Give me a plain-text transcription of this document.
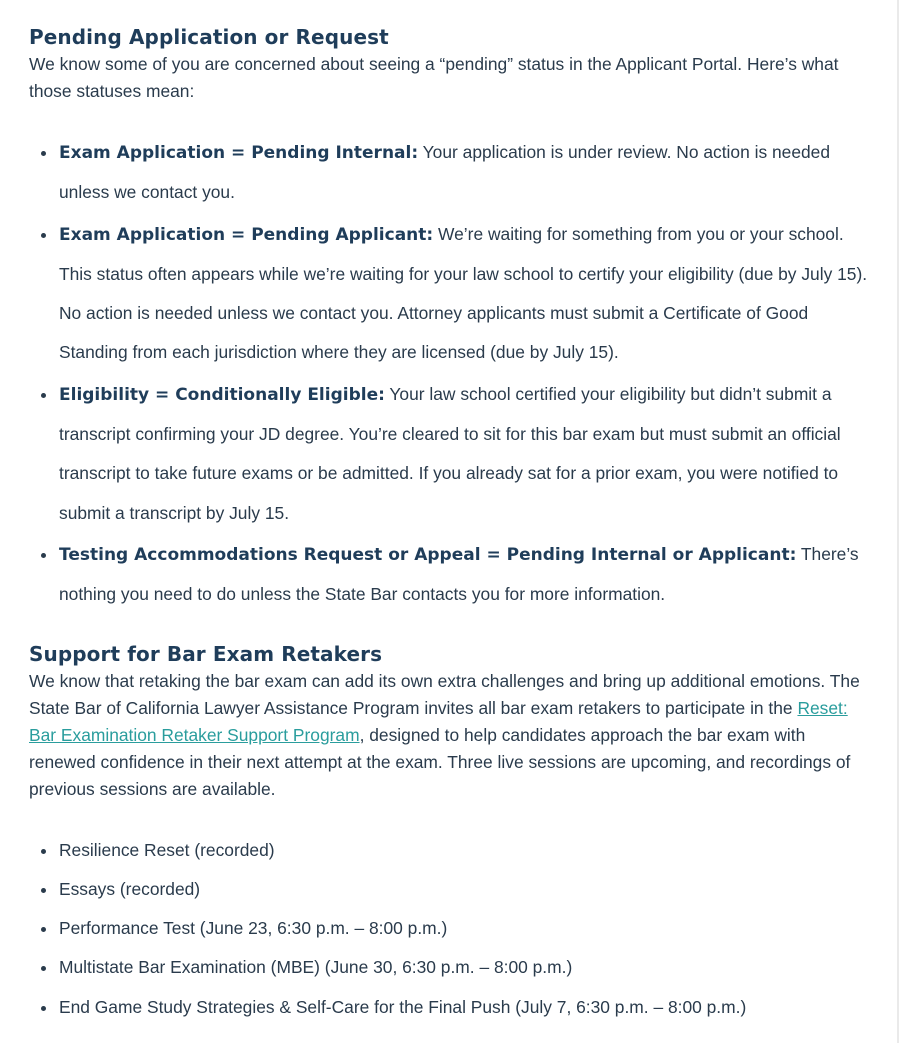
Pending Application or Request

We know some of you are concerned about seeing a “pending” status in the Applicant Portal. Here’s what those statuses mean:

Exam Application = Pending Internal: Your application is under review. No action is needed unless we contact you.
Exam Application = Pending Applicant: We’re waiting for something from you or your school. This status often appears while we’re waiting for your law school to certify your eligibility (due by July 15). No action is needed unless we contact you. Attorney applicants must submit a Certificate of Good Standing from each jurisdiction where they are licensed (due by July 15).
Eligibility = Conditionally Eligible: Your law school certified your eligibility but didn’t submit a transcript confirming your JD degree. You’re cleared to sit for this bar exam but must submit an official transcript to take future exams or be admitted. If you already sat for a prior exam, you were notified to submit a transcript by July 15.
Testing Accommodations Request or Appeal = Pending Internal or Applicant: There’s nothing you need to do unless the State Bar contacts you for more information.
Support for Bar Exam Retakers

We know that retaking the bar exam can add its own extra challenges and bring up additional emotions. The State Bar of California Lawyer Assistance Program invites all bar exam retakers to participate in the Reset: Bar Examination Retaker Support Program, designed to help candidates approach the bar exam with renewed confidence in their next attempt at the exam. Three live sessions are upcoming, and recordings of previous sessions are available.

Resilience Reset (recorded)
Essays (recorded)
Performance Test (June 23, 6:30 p.m. – 8:00 p.m.)
Multistate Bar Examination (MBE) (June 30, 6:30 p.m. – 8:00 p.m.)
End Game Study Strategies & Self-Care for the Final Push (July 7, 6:30 p.m. – 8:00 p.m.)
